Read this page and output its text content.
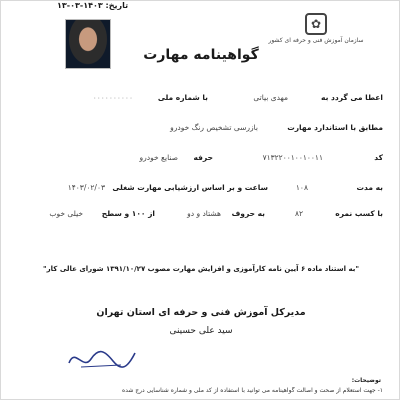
تاریخ: ۱۴۰۳-۰۳-۱۳
✿
سازمان آموزش فنی و حرفه ای کشور
گواهینامه مهارت
اعطا می گردد به
مهدی بیاتی
با شماره ملی
۰۰۰۰۰۰۰۰۰۰
مطابق با استاندارد مهارت
بازرسی تشخیص رنگ خودرو
کد
۷۱۳۲۲۰۰۱۰۰۱۰۰۱۱
حرفه
صنایع خودرو
به مدت
۱۰۸
ساعت و بر اساس ارزشیابی مهارت شغلی
۱۴۰۳/۰۲/۰۳
با کسب نمره
۸۲
به حروف
هشتاد و دو
از ۱۰۰ و سطح
خیلی خوب
"به استناد ماده ۶ آیین نامه کارآموزی و افزایش مهارت مصوب ۱۳۹۱/۱۰/۲۷ شورای عالی کار"
مدیرکل آموزش فنی و حرفه ای استان تهران
سید علی حسینی
توضیحات:
۱- جهت استعلام از صحت و اصالت گواهینامه می توانید با استفاده از کد ملی و شماره شناسایی درج شده
